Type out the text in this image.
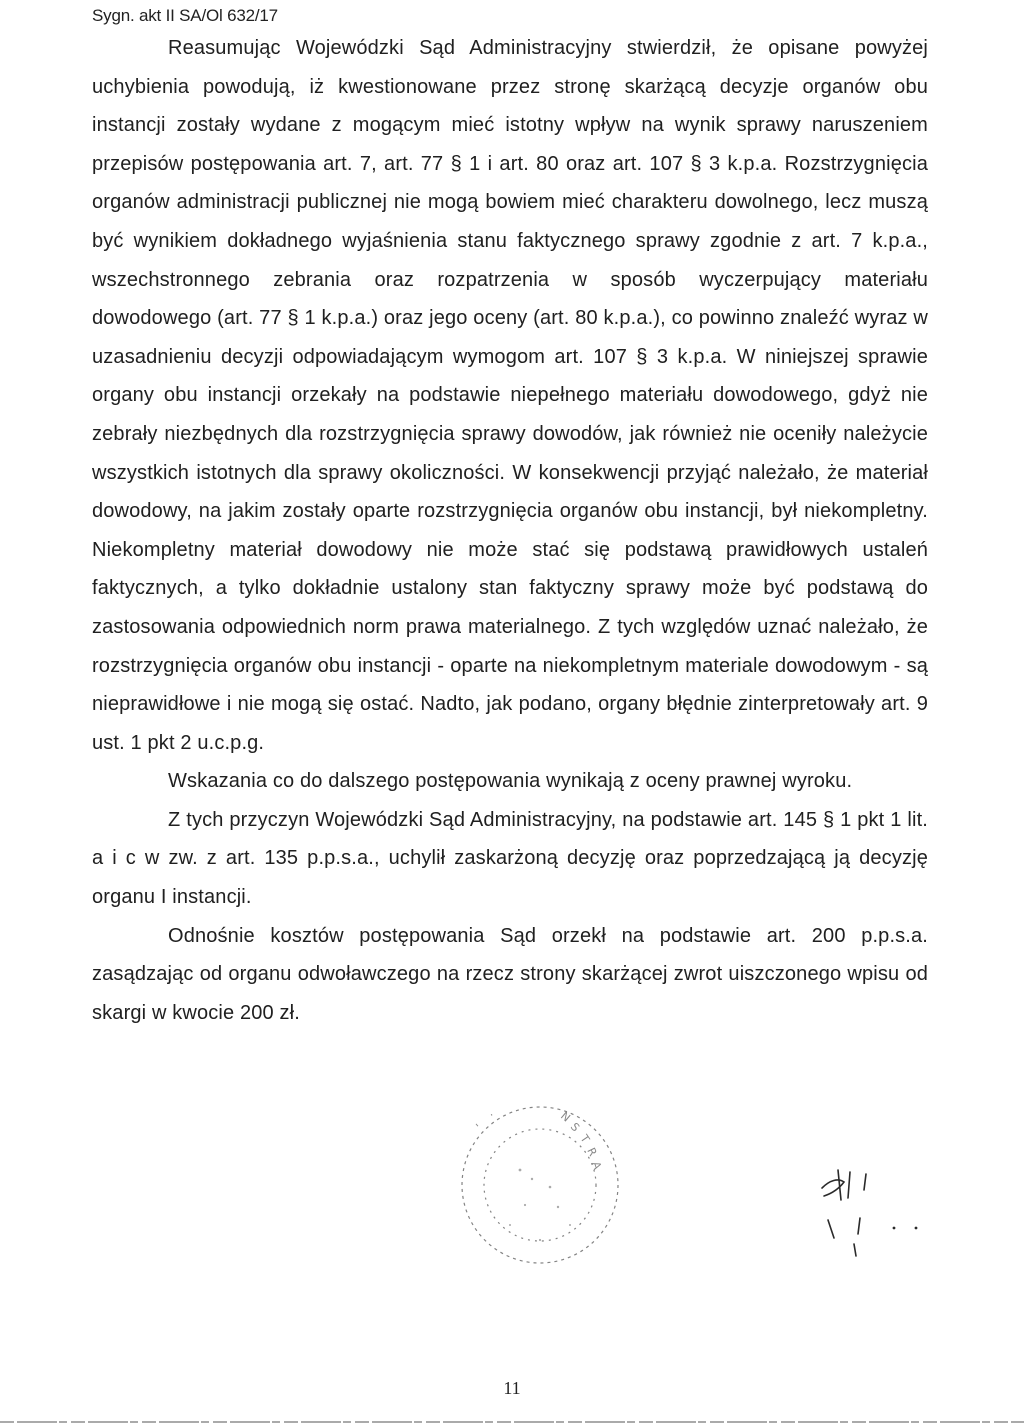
Sygn. akt II SA/Ol 632/17

Reasumując Wojewódzki Sąd Administracyjny stwierdził, że opisane powyżej uchybienia powodują, iż kwestionowane przez stronę skarżącą decyzje organów obu instancji zostały wydane z mogącym mieć istotny wpływ na wynik sprawy naruszeniem przepisów postępowania art. 7, art. 77 § 1 i art. 80 oraz art. 107 § 3 k.p.a. Rozstrzygnięcia organów administracji publicznej nie mogą bowiem mieć charakteru dowolnego, lecz muszą być wynikiem dokładnego wyjaśnienia stanu faktycznego sprawy zgodnie z art. 7 k.p.a., wszechstronnego zebrania oraz rozpatrzenia w sposób wyczerpujący materiału dowodowego (art. 77 § 1 k.p.a.) oraz jego oceny (art. 80 k.p.a.), co powinno znaleźć wyraz w uzasadnieniu decyzji odpowiadającym wymogom art. 107 § 3 k.p.a. W niniejszej sprawie organy obu instancji orzekały na podstawie niepełnego materiału dowodowego, gdyż nie zebrały niezbędnych dla rozstrzygnięcia sprawy dowodów, jak również nie oceniły należycie wszystkich istotnych dla sprawy okoliczności. W konsekwencji przyjąć należało, że materiał dowodowy, na jakim zostały oparte rozstrzygnięcia organów obu instancji, był niekompletny. Niekompletny materiał dowodowy nie może stać się podstawą prawidłowych ustaleń faktycznych, a tylko dokładnie ustalony stan faktyczny sprawy może być podstawą do zastosowania odpowiednich norm prawa materialnego. Z tych względów uznać należało, że rozstrzygnięcia organów obu instancji - oparte na niekompletnym materiale dowodowym - są nieprawidłowe i nie mogą się ostać. Nadto, jak podano, organy błędnie zinterpretowały art. 9 ust. 1 pkt 2 u.c.p.g.

Wskazania co do dalszego postępowania wynikają z oceny prawnej wyroku.

Z tych przyczyn Wojewódzki Sąd Administracyjny, na podstawie art. 145 § 1 pkt 1 lit. a i c w zw. z art. 135 p.p.s.a., uchylił zaskarżoną decyzję oraz poprzedzającą ją decyzję organu I instancji.

Odnośnie kosztów postępowania Sąd orzekł na podstawie art. 200 p.p.s.a. zasądzając od organu odwoławczego na rzecz strony skarżącej zwrot uiszczonego wpisu od skargi w kwocie 200 zł.

N
S
T
R
A
'
·
11
